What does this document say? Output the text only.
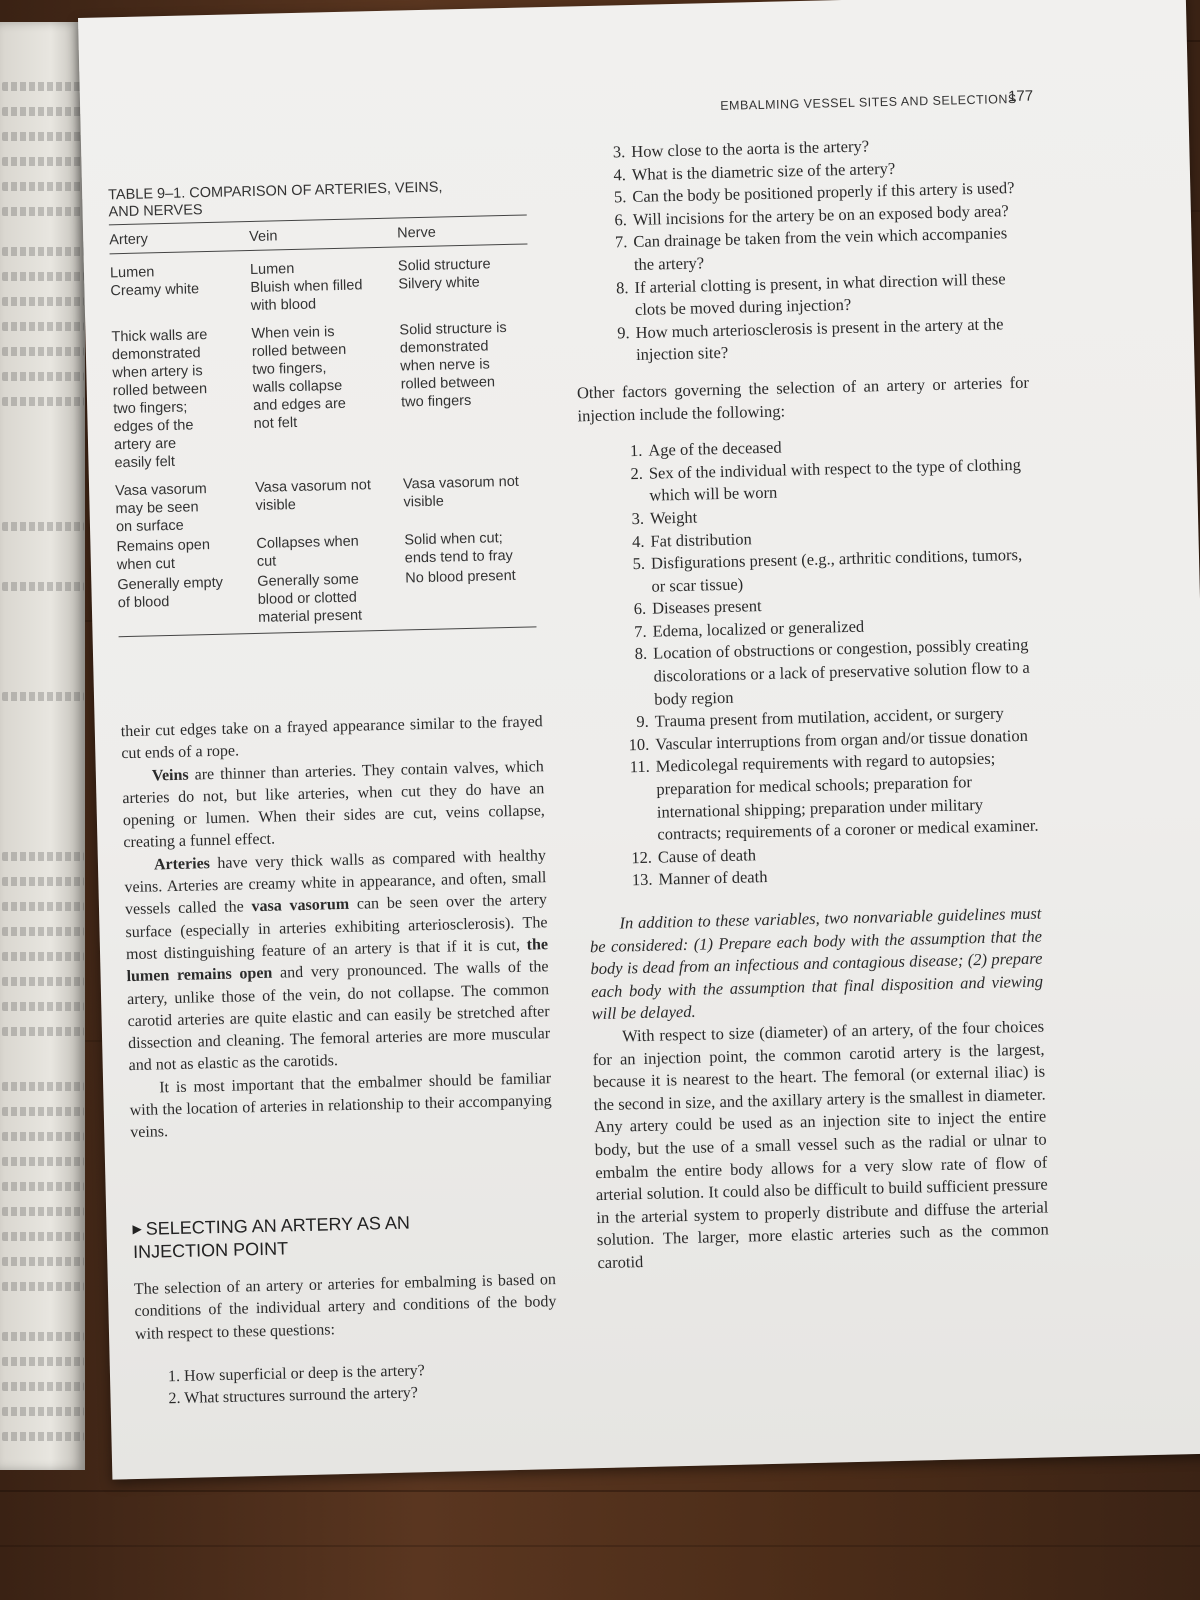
EMBALMING VESSEL SITES AND SELECTIONS
177
TABLE 9–1. COMPARISON OF ARTERIES, VEINS,
AND NERVES
Artery	Vein	Nerve
Lumen
Creamy white
Lumen
Bluish when filled
with blood
Solid structure
Silvery white
Thick walls are
demonstrated
when artery is
rolled between
two fingers;
edges of the
artery are
easily felt
When vein is
rolled between
two fingers,
walls collapse
and edges are
not felt
Solid structure is
demonstrated
when nerve is
rolled between
two fingers
Vasa vasorum
may be seen
on surface
Vasa vasorum not
visible
Vasa vasorum not
visible
Remains open
when cut
Collapses when
cut
Solid when cut;
ends tend to fray
Generally empty
of blood
Generally some
blood or clotted
material present
No blood present

their cut edges take on a frayed appearance similar to the frayed cut ends of a rope.

Veins are thinner than arteries. They contain valves, which arteries do not, but like arteries, when cut they do have an opening or lumen. When their sides are cut, veins collapse, creating a funnel effect.

Arteries have very thick walls as compared with healthy veins. Arteries are creamy white in appearance, and often, small vessels called the vasa vasorum can be seen over the artery surface (especially in arteries exhibiting arteriosclerosis). The most distinguishing feature of an artery is that if it is cut, the lumen remains open and very pronounced. The walls of the artery, unlike those of the vein, do not collapse. The common carotid arteries are quite elastic and can easily be stretched after dissection and cleaning. The femoral arteries are more muscular and not as elastic as the carotids.

It is most important that the embalmer should be familiar with the location of arteries in relationship to their accompanying veins.

▶ SELECTING AN ARTERY AS AN
INJECTION POINT

The selection of an artery or arteries for embalming is based on conditions of the individual artery and conditions of the body with respect to these questions:

1. How superficial or deep is the artery?
2. What structures surround the artery?
3. How close to the aorta is the artery?
4. What is the diametric size of the artery?
5. Can the body be positioned properly if this artery is used?
6. Will incisions for the artery be on an exposed body area?
7. Can drainage be taken from the vein which accompanies the artery?
8. If arterial clotting is present, in what direction will these clots be moved during injection?
9. How much arteriosclerosis is present in the artery at the injection site?

Other factors governing the selection of an artery or arteries for injection include the following:

1. Age of the deceased
2. Sex of the individual with respect to the type of clothing which will be worn
3. Weight
4. Fat distribution
5. Disfigurations present (e.g., arthritic conditions, tumors, or scar tissue)
6. Diseases present
7. Edema, localized or generalized
8. Location of obstructions or congestion, possibly creating discolorations or a lack of preservative solution flow to a body region
9. Trauma present from mutilation, accident, or surgery
10. Vascular interruptions from organ and/or tissue donation
11. Medicolegal requirements with regard to autopsies; preparation for medical schools; preparation for international shipping; preparation under military contracts; requirements of a coroner or medical examiner.
12. Cause of death
13. Manner of death

In addition to these variables, two nonvariable guidelines must be considered: (1) Prepare each body with the assumption that the body is dead from an infectious and contagious disease; (2) prepare each body with the assumption that final disposition and viewing will be delayed.

With respect to size (diameter) of an artery, of the four choices for an injection point, the common carotid artery is the largest, because it is nearest to the heart. The femoral (or external iliac) is the second in size, and the axillary artery is the smallest in diameter. Any artery could be used as an injection site to inject the entire body, but the use of a small vessel such as the radial or ulnar to embalm the entire body allows for a very slow rate of flow of arterial solution. It could also be difficult to build sufficient pressure in the arterial system to properly distribute and diffuse the arterial solution. The larger, more elastic arteries such as the common carotid
